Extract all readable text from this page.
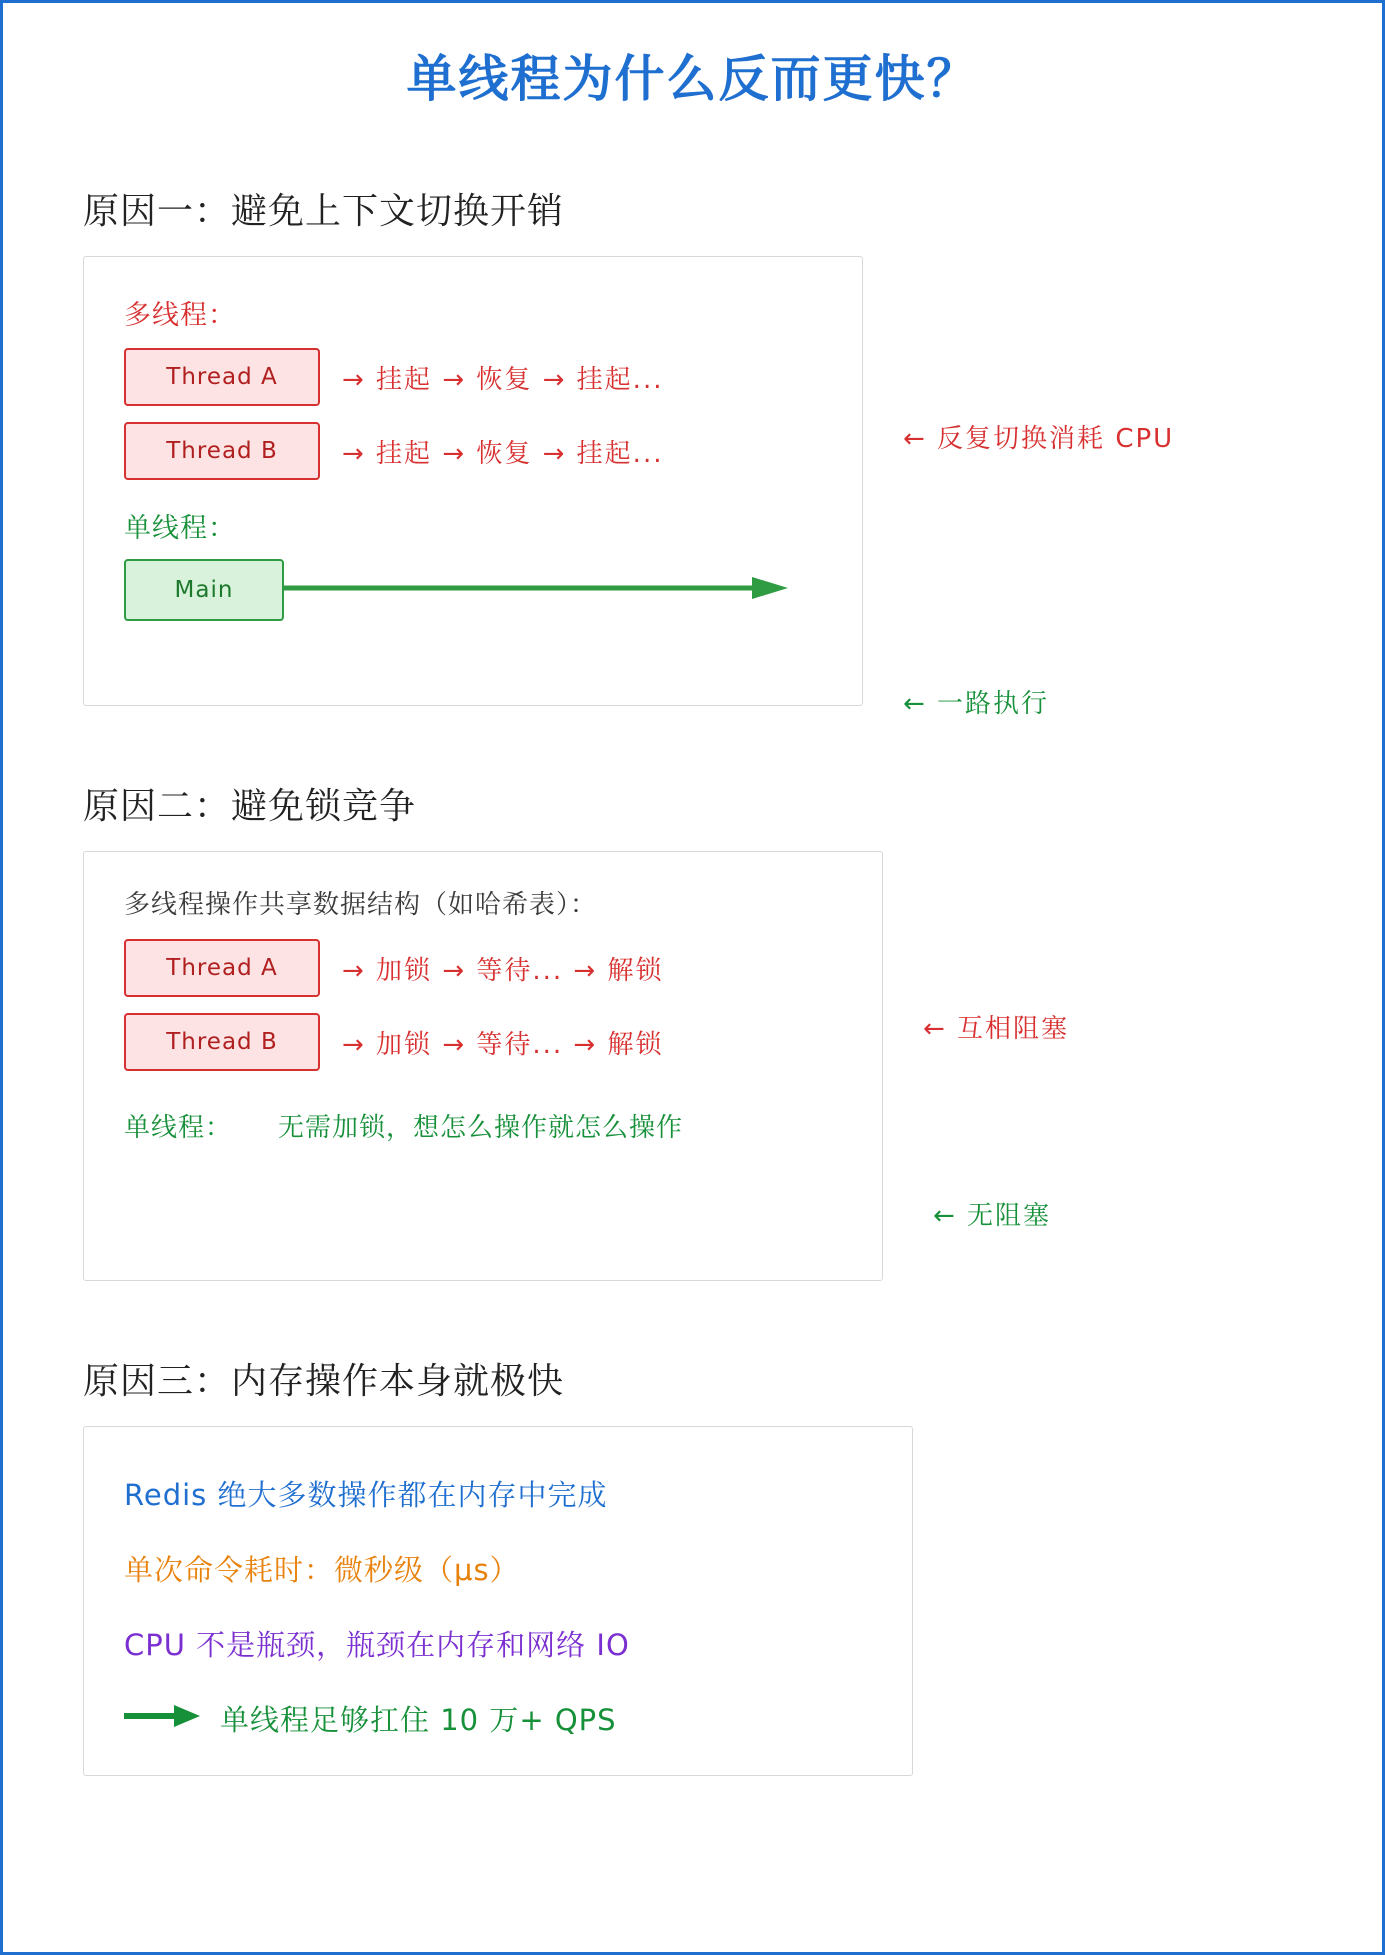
单线程为什么反而更快？
原因一：避免上下文切换开销
多线程：
Thread A	→ 挂起 → 恢复 → 挂起...
Thread B	→ 挂起 → 恢复 → 挂起...
单线程：
Main
← 反复切换消耗 CPU
← 一路执行
原因二：避免锁竞争
多线程操作共享数据结构（如哈希表）：
Thread A	→ 加锁 → 等待... → 解锁
Thread B	→ 加锁 → 等待... → 解锁
单线程： 无需加锁，想怎么操作就怎么操作
← 互相阻塞
← 无阻塞
原因三：内存操作本身就极快
Redis 绝大多数操作都在内存中完成
单次命令耗时：微秒级（μs）
CPU 不是瓶颈，瓶颈在内存和网络 IO
单线程足够扛住 10 万+ QPS
